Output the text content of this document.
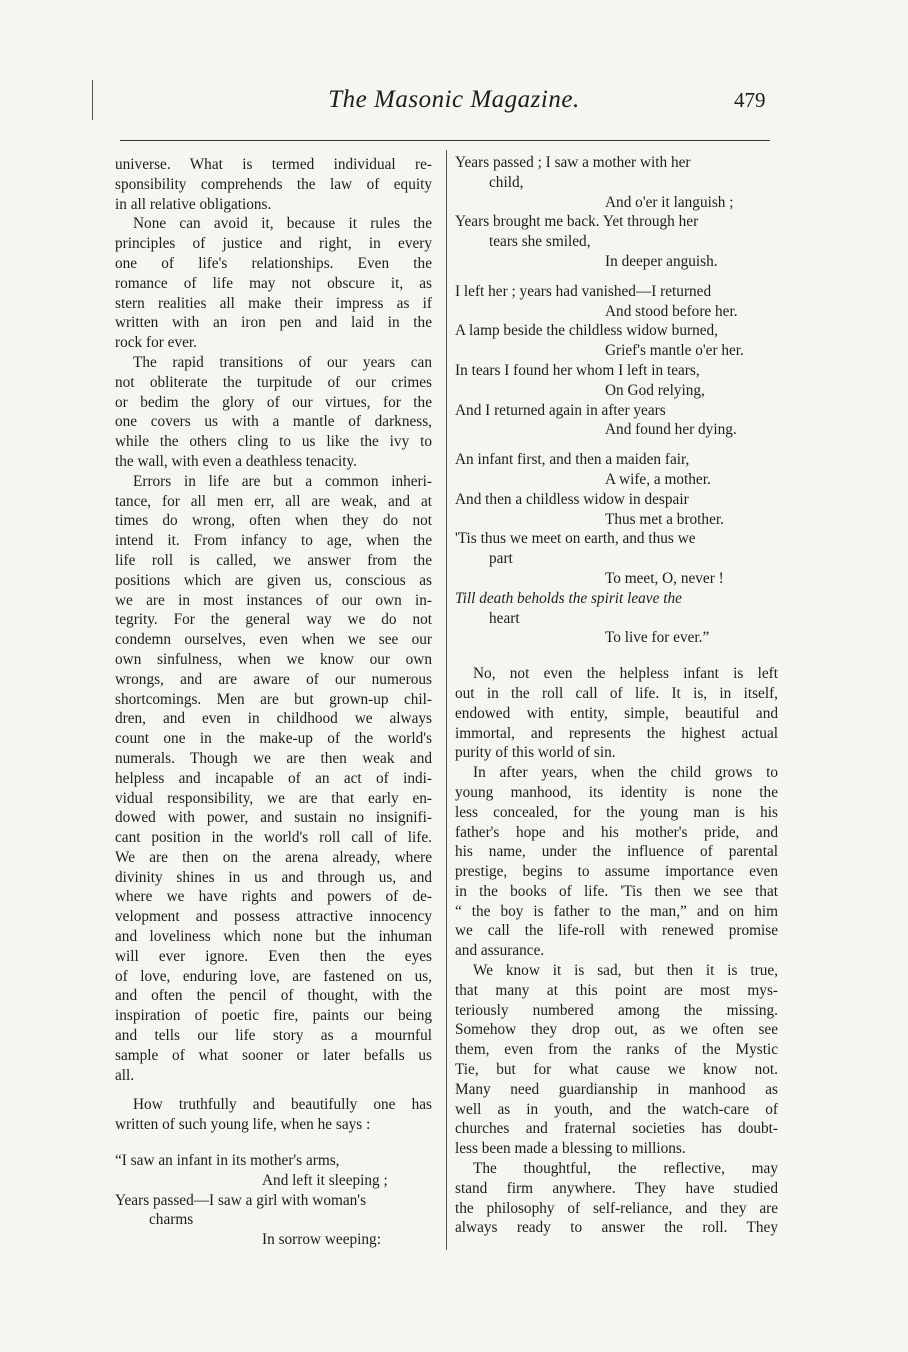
The Masonic Magazine.	479
universe. What is termed individual re-
sponsibility comprehends the law of equity
in all relative obligations.
None can avoid it, because it rules the
principles of justice and right, in every
one of life's relationships. Even the
romance of life may not obscure it, as
stern realities all make their impress as if
written with an iron pen and laid in the
rock for ever.
The rapid transitions of our years can
not obliterate the turpitude of our crimes
or bedim the glory of our virtues, for the
one covers us with a mantle of darkness,
while the others cling to us like the ivy to
the wall, with even a deathless tenacity.
Errors in life are but a common inheri-
tance, for all men err, all are weak, and at
times do wrong, often when they do not
intend it. From infancy to age, when the
life roll is called, we answer from the
positions which are given us, conscious as
we are in most instances of our own in-
tegrity. For the general way we do not
condemn ourselves, even when we see our
own sinfulness, when we know our own
wrongs, and are aware of our numerous
shortcomings. Men are but grown-up chil-
dren, and even in childhood we always
count one in the make-up of the world's
numerals. Though we are then weak and
helpless and incapable of an act of indi-
vidual responsibility, we are that early en-
dowed with power, and sustain no insignifi-
cant position in the world's roll call of life.
We are then on the arena already, where
divinity shines in us and through us, and
where we have rights and powers of de-
velopment and possess attractive innocency
and loveliness which none but the inhuman
will ever ignore. Even then the eyes
of love, enduring love, are fastened on us,
and often the pencil of thought, with the
inspiration of poetic fire, paints our being
and tells our life story as a mournful
sample of what sooner or later befalls us
all.
How truthfully and beautifully one has
written of such young life, when he says :
“I saw an infant in its mother's arms,
And left it sleeping ;
Years passed—I saw a girl with woman's
charms
In sorrow weeping:
Years passed ; I saw a mother with her
child,
And o'er it languish ;
Years brought me back. Yet through her
tears she smiled,
In deeper anguish.
I left her ; years had vanished—I returned
And stood before her.
A lamp beside the childless widow burned,
Grief's mantle o'er her.
In tears I found her whom I left in tears,
On God relying,
And I returned again in after years
And found her dying.
An infant first, and then a maiden fair,
A wife, a mother.
And then a childless widow in despair
Thus met a brother.
'Tis thus we meet on earth, and thus we
part
To meet, O, never !
Till death beholds the spirit leave the
heart
To live for ever.”
No, not even the helpless infant is left
out in the roll call of life. It is, in itself,
endowed with entity, simple, beautiful and
immortal, and represents the highest actual
purity of this world of sin.
In after years, when the child grows to
young manhood, its identity is none the
less concealed, for the young man is his
father's hope and his mother's pride, and
his name, under the influence of parental
prestige, begins to assume importance even
in the books of life. 'Tis then we see that
“ the boy is father to the man,” and on him
we call the life-roll with renewed promise
and assurance.
We know it is sad, but then it is true,
that many at this point are most mys-
teriously numbered among the missing.
Somehow they drop out, as we often see
them, even from the ranks of the Mystic
Tie, but for what cause we know not.
Many need guardianship in manhood as
well as in youth, and the watch-care of
churches and fraternal societies has doubt-
less been made a blessing to millions.
The thoughtful, the reflective, may
stand firm anywhere. They have studied
the philosophy of self-reliance, and they are
always ready to answer the roll. They
